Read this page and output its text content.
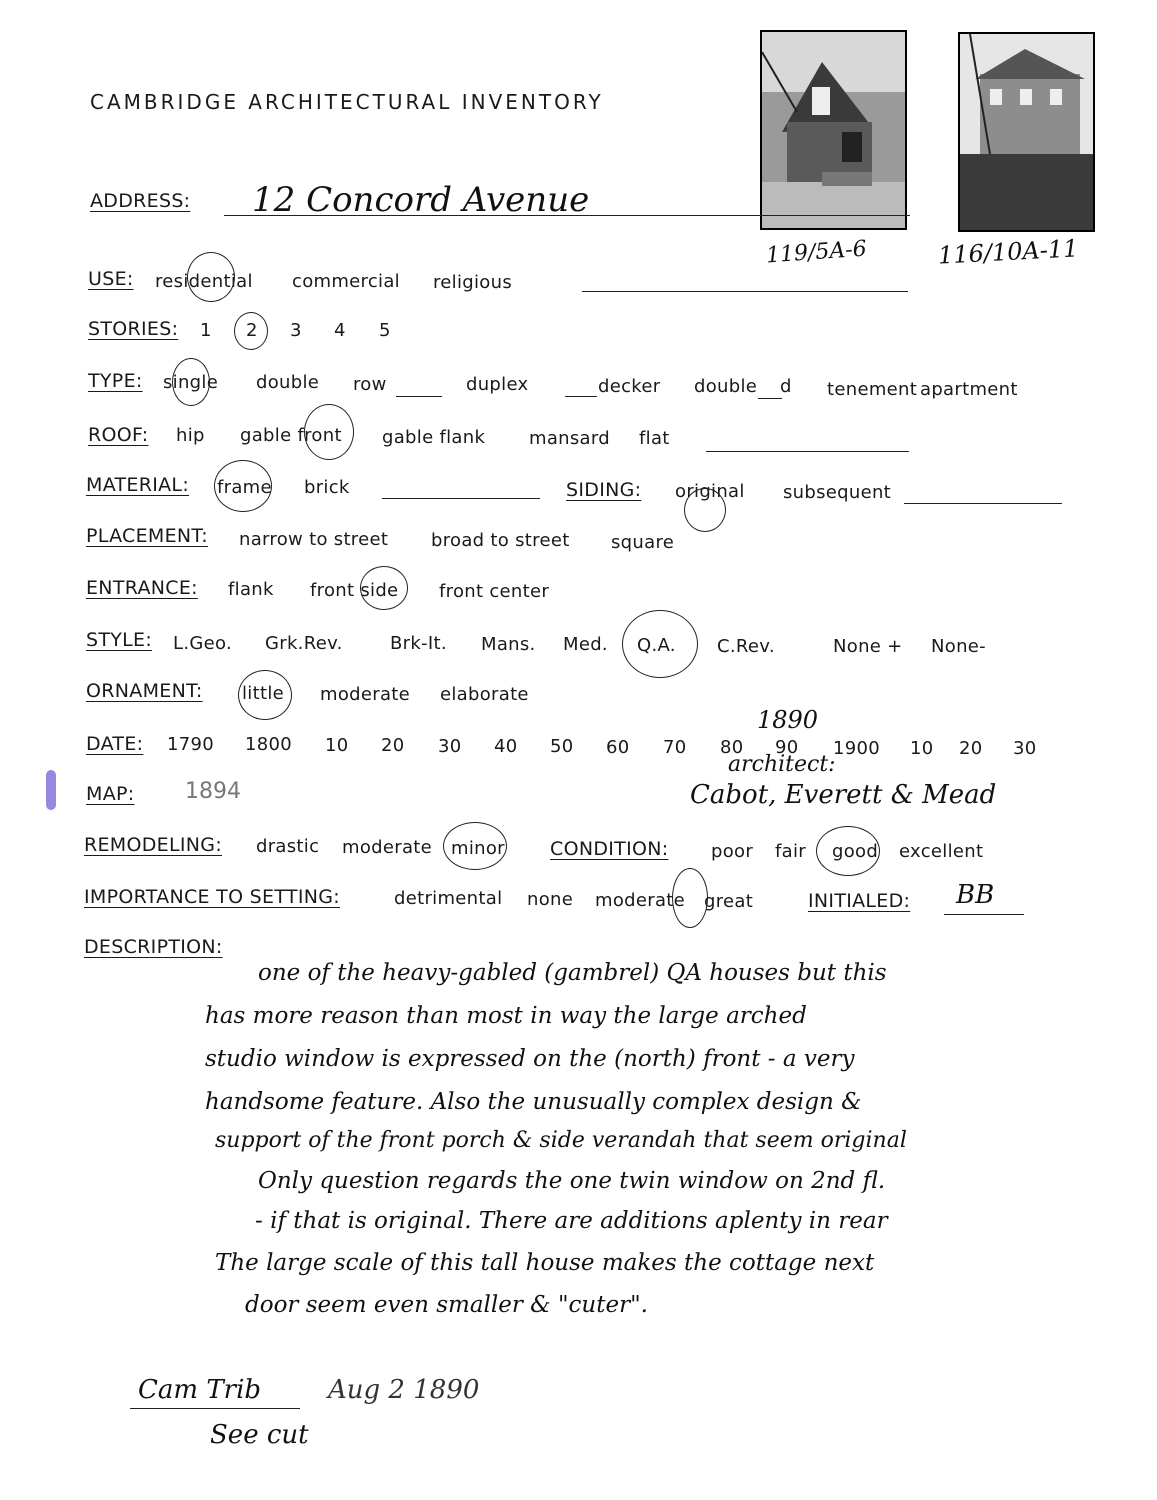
CAMBRIDGE ARCHITECTURAL INVENTORY
119/5A-6	116/10A-11
ADDRESS: 12 Concord Avenue
USE: residential commercial religious
STORIES: 1 2 3 4 5
TYPE: single double row	duplex	decker double d tenement apartment
ROOF: hip gable front gable flank mansard flat
MATERIAL: frame brick	SIDING: original subsequent
PLACEMENT: narrow to street broad to street square
ENTRANCE: flank front side front center
STYLE: L.Geo. Grk.Rev.	Brk-It. Mans. Med. Q.A. C.Rev.	None + None-
ORNAMENT: little moderate elaborate
1890
DATE: 1790 1800 10 20 30 40 50 60 70 80 90 1900 10 20 30
MAP: 1894
architect:
Cabot, Everett & Mead
REMODELING: drastic moderate minor CONDITION: poor fair good excellent
IMPORTANCE TO SETTING:	detrimental none moderate great	INITIALED: BB
DESCRIPTION:
one of the heavy-gabled (gambrel) QA houses but this
has more reason than most in way the large arched
studio window is expressed on the (north) front - a very
handsome feature. Also the unusually complex design &
support of the front porch & side verandah that seem original
Only question regards the one twin window on 2nd fl.
- if that is original. There are additions aplenty in rear
The large scale of this tall house makes the cottage next
door seem even smaller & "cuter".
Cam Trib	Aug 2 1890
See cut
